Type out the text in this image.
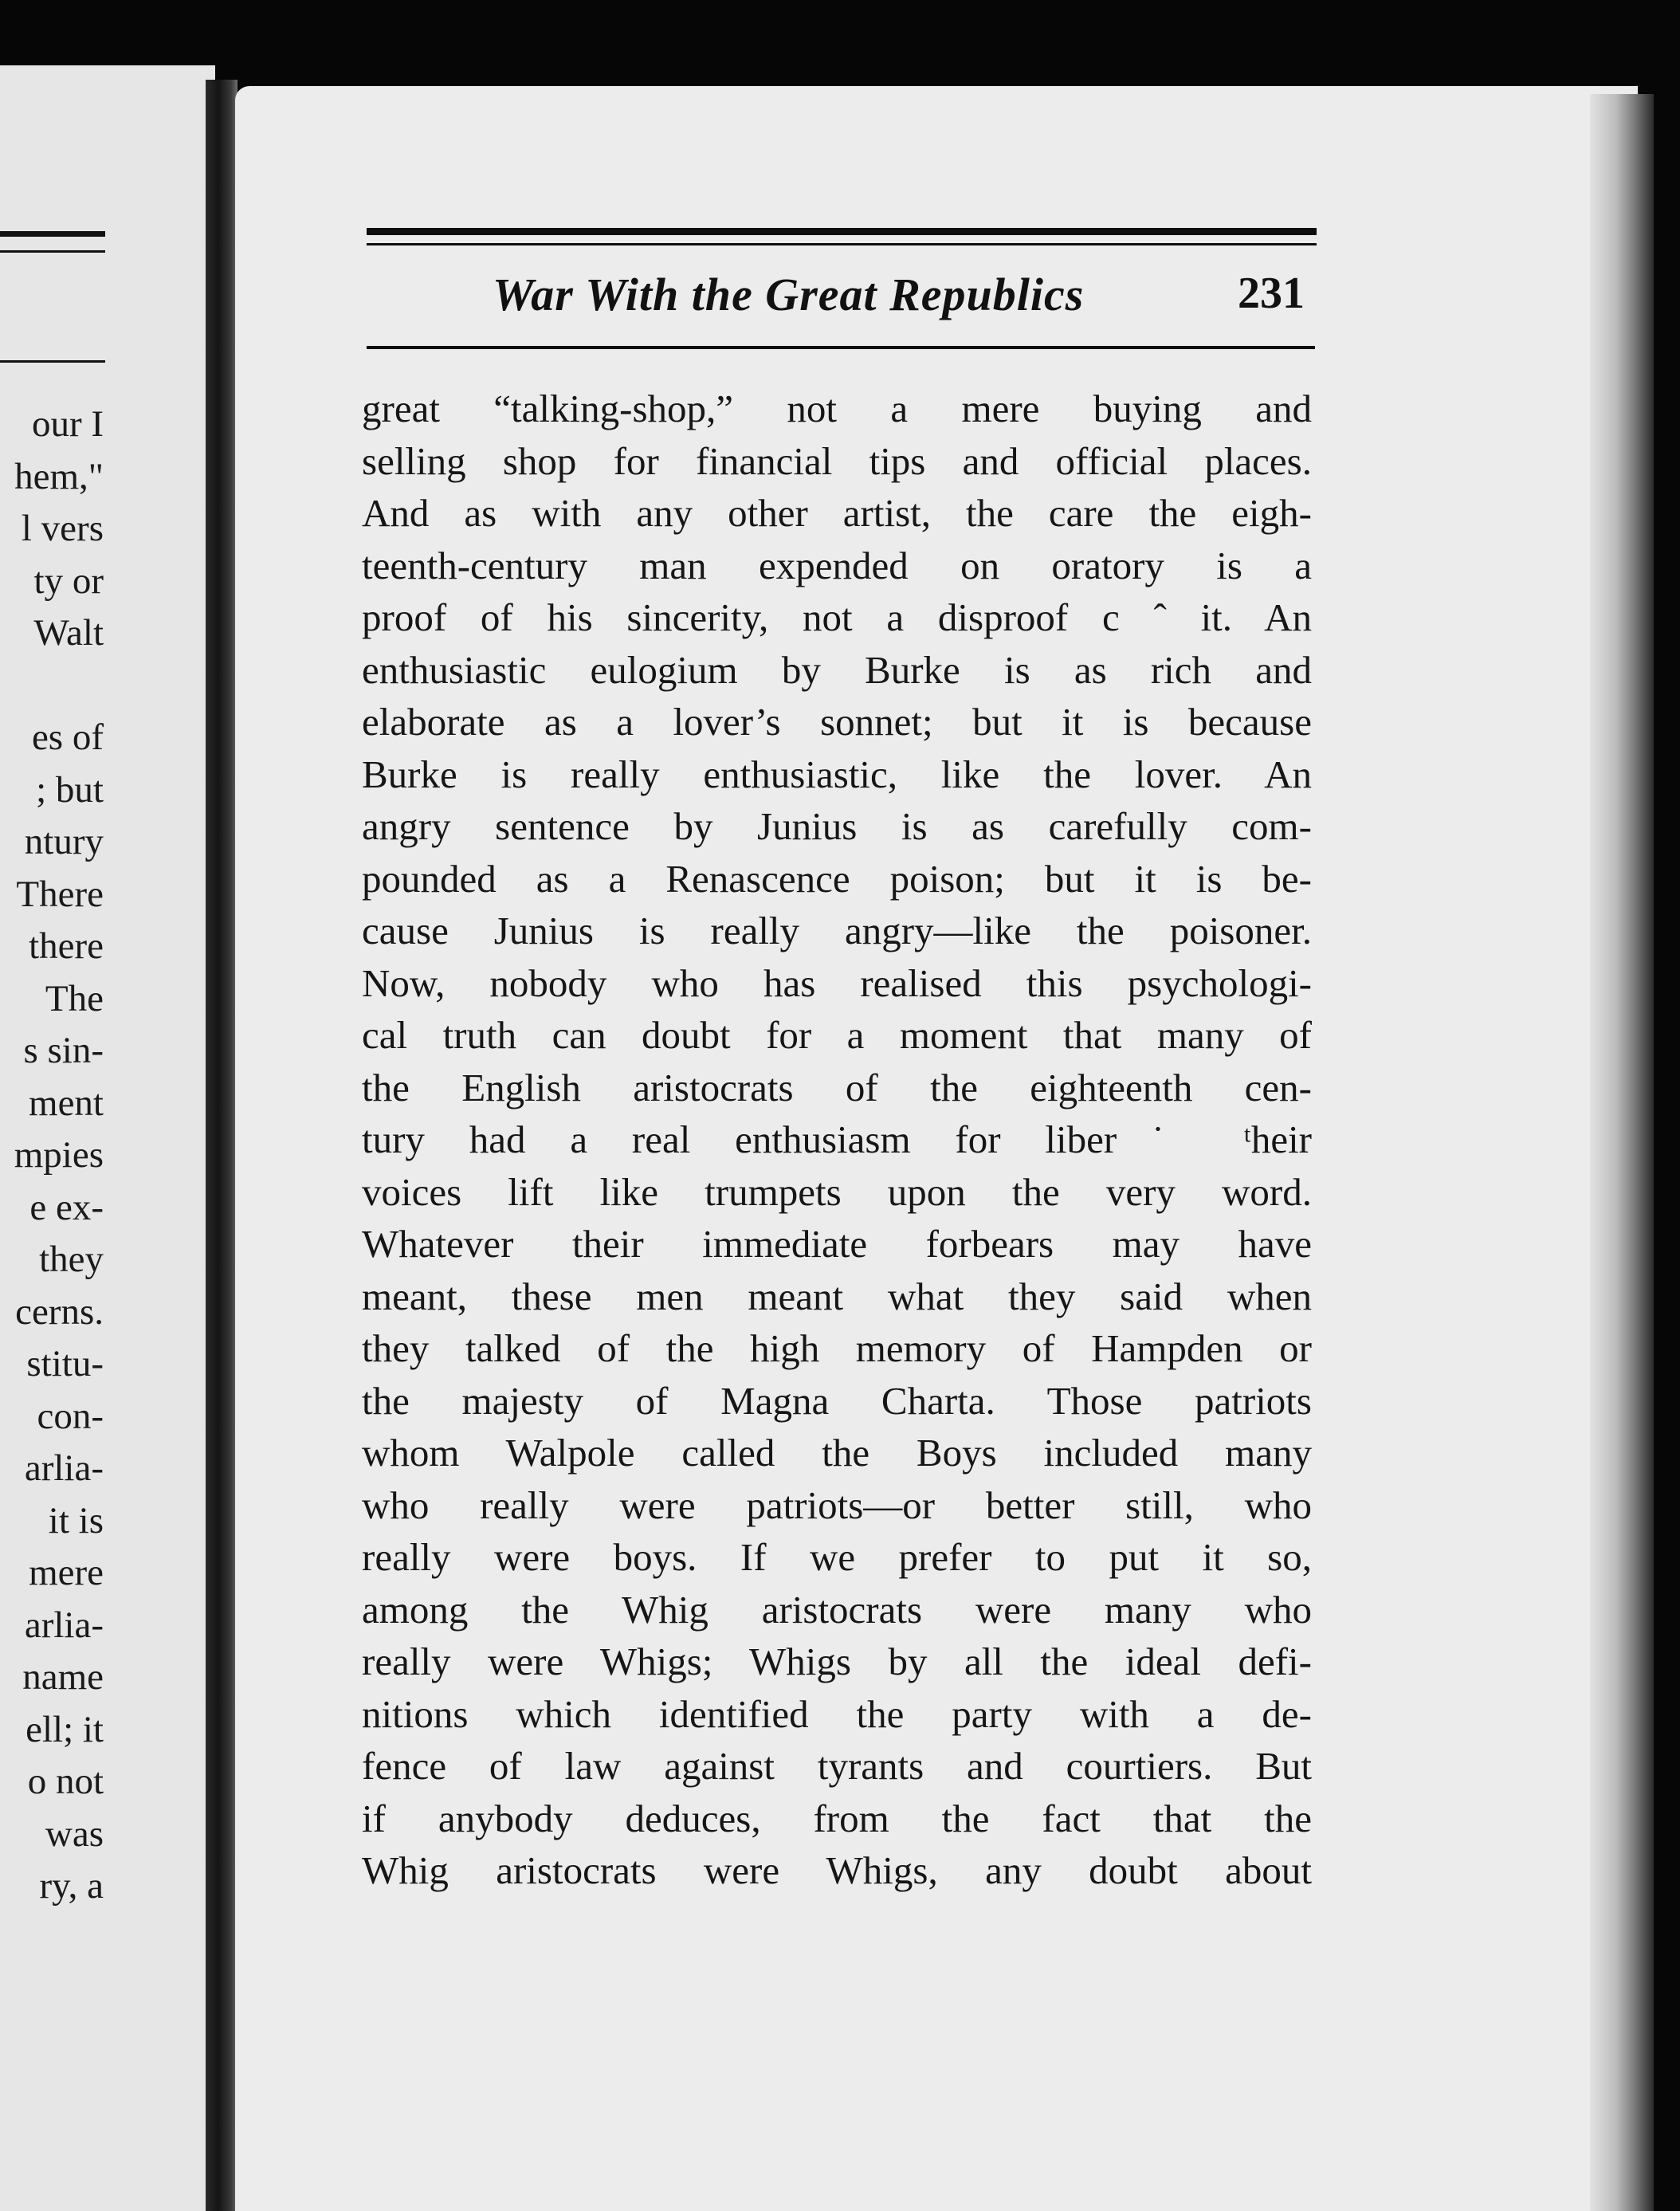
our I
hem,"
l vers
ty or
Walt
es of
; but
ntury
There
there
The
s sin-
ment
mpies
e ex-
they
cerns.
stitu-
con-
arlia-
it is
mere
arlia-
name
ell; it
o not
was
ry, a
War With the Great Republics	231
great “talking-shop,” not a mere buying and
selling shop for financial tips and official places.
And as with any other artist, the care the eigh-
teenth-century man expended on oratory is a
proof of his sincerity, not a disproof c ˆ it. An
enthusiastic eulogium by Burke is as rich and
elaborate as a lover’s sonnet; but it is because
Burke is really enthusiastic, like the lover. An
angry sentence by Junius is as carefully com-
pounded as a Renascence poison; but it is be-
cause Junius is really angry—like the poisoner.
Now, nobody who has realised this psychologi-
cal truth can doubt for a moment that many of
the English aristocrats of the eighteenth cen-
tury had a real enthusiasm for liber˙ ᵗheir
voices lift like trumpets upon the very word.
Whatever their immediate forbears may have
meant, these men meant what they said when
they talked of the high memory of Hampden or
the majesty of Magna Charta. Those patriots
whom Walpole called the Boys included many
who really were patriots—or better still, who
really were boys. If we prefer to put it so,
among the Whig aristocrats were many who
really were Whigs; Whigs by all the ideal defi-
nitions which identified the party with a de-
fence of law against tyrants and courtiers. But
if anybody deduces, from the fact that the
Whig aristocrats were Whigs, any doubt about
